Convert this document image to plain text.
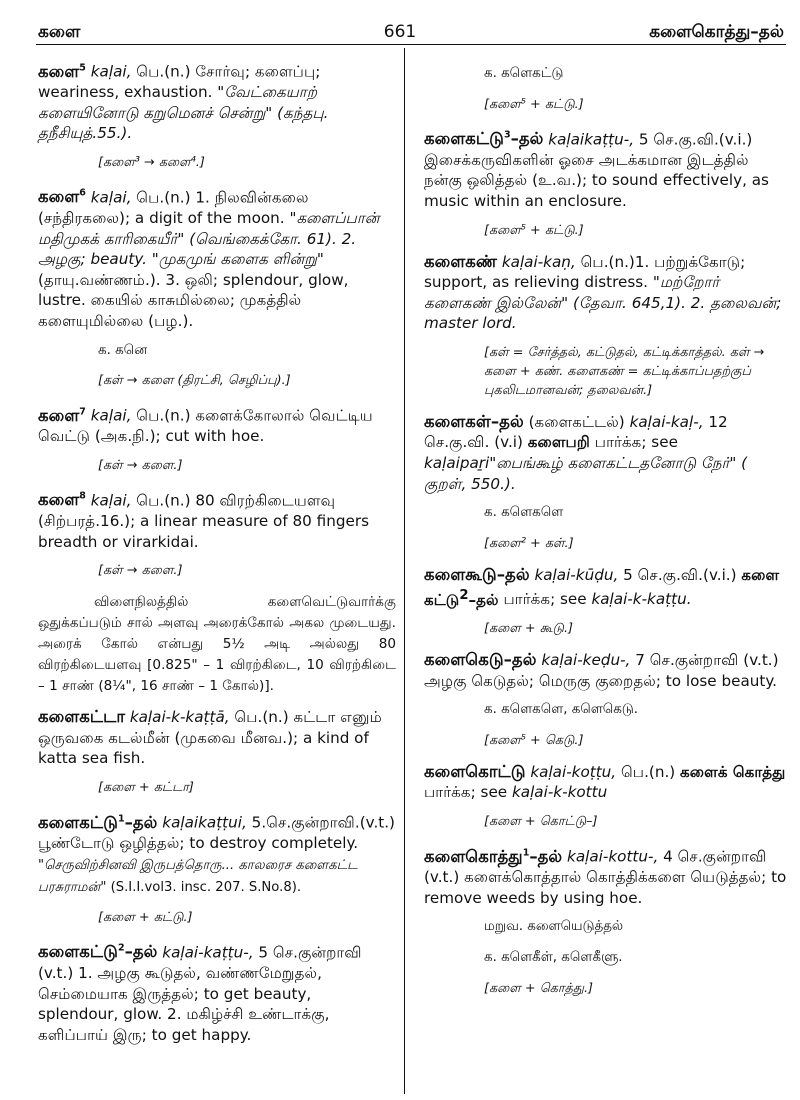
களை	661	களைகொத்து–தல்
களை$^5$ kaḷai, பெ.(n.) சோர்வு; களைப்பு; weariness, exhaustion. "வேட்கையாற் களையினோடு கறுமெனச் சென்று" (கந்தபு. தநீசியுத்.55.).
[களை³ → களை⁴.]
களை$^6$ kaḷai, பெ.(n.) 1. நிலவின்கலை (சந்திரகலை); a digit of the moon. "களைப்பான் மதிமுகக் காரிகையீர்" (வெங்கைக்கோ. 61). 2. அழகு; beauty. "முகமுங் களைக ளின்று" (தாயு.வண்ணம்.). 3. ஒலி; splendour, glow, lustre. கையில் காசுமில்லை; முகத்தில் களையுமில்லை (பழ.).
க. கனெ
[கள் → களை (திரட்சி, செழிப்பு).]
களை$^7$ kaḷai, பெ.(n.) களைக்கோலால் வெட்டிய வெட்டு (அக.நி.); cut with hoe.
[கள் → களை.]
களை$^8$ kaḷai, பெ.(n.) 80 விரற்கிடையளவு (சிற்பரத்.16.); a linear measure of 80 fingers breadth or virarkidai.
[கள் → களை.]
விளைநிலத்தில் களைவெட்டுவார்க்கு ஒதுக்கப்படும் சால் அளவு அரைக்கோல் அகல முடையது. அரைக் கோல் என்பது 5½ அடி அல்லது 80 விரற்கிடையளவு [0.825" – 1 விரற்கிடை, 10 விரற்கிடை – 1 சாண் (8¼", 16 சாண் – 1 கோல்)].
களைகட்டா kaḷai-k-kaṭṭā, பெ.(n.) கட்டா எனும் ஒருவகை கடல்மீன் (முகவை மீனவ.); a kind of katta sea fish.
[களை + கட்டா]
களைகட்டு$^1$–தல் kaḷaikaṭṭui, 5.செ.குன்றாவி.(v.t.) பூண்டோடு ஒழித்தல்; to destroy completely. "செருவிற்சினவி இருபத்தொரு... காலரைச களைகட்ட பரசுராமன்" (S.I.I.vol3. insc. 207. S.No.8).
[களை + கட்டு.]
களைகட்டு$^2$–தல் kaḷai-kaṭṭu-, 5 செ.குன்றாவி (v.t.) 1. அழகு கூடுதல், வண்ணமேறுதல், செம்மையாக இருத்தல்; to get beauty, splendour, glow. 2. மகிழ்ச்சி உண்டாக்கு, களிப்பாய் இரு; to get happy.
க. களெகட்டு
[களை⁵ + கட்டு.]
களைகட்டு$^3$–தல் kaḷaikaṭṭu-, 5 செ.கு.வி.(v.i.) இசைக்கருவிகளின் ஓசை அடக்கமான இடத்தில் நன்கு ஒலித்தல் (உ.வ.); to sound effectively, as music within an enclosure.
[களை⁵ + கட்டு.]
களைகண் kaḷai-kaṇ, பெ.(n.)1. பற்றுக்கோடு; support, as relieving distress. "மற்றோர் களைகண் இல்லேன்" (தேவா. 645,1). 2. தலைவன்; master lord.
[கள் = சேர்த்தல், கட்டுதல், கட்டிக்காத்தல். கள் → களை + கண். களைகண் = கட்டிக்காப்பதற்குப் புகலிடமானவன்; தலைவன்.]
களைகள்–தல் (களைகட்டல்) kaḷai-kaḷ-, 12 செ.கு.வி. (v.i) களைபறி பார்க்க; see kaḷaipaṟi"பைங்கூழ் களைகட்டதனோடு நேர்" ( குறள், 550.).
க. களெகளெ
[களை² + கள்.]
களைகூடு–தல் kaḷai-kūḍu, 5 செ.கு.வி.(v.i.) களை கட்டு$^2$–தல் பார்க்க; see kaḷai-k-kaṭṭu.
[களை + கூடு.]
களைகெடு–தல் kaḷai-keḍu-, 7 செ.குன்றாவி (v.t.) அழகு கெடுதல்; மெருகு குறைதல்; to lose beauty.
க. களெகளெ, களெகெடு.
[களை⁵ + கெடு.]
களைகொட்டு kaḷai-koṭṭu, பெ.(n.) களைக் கொத்து பார்க்க; see kaḷai-k-kottu
[களை + கொட்டு–]
களைகொத்து$^1$–தல் kaḷai-kottu-, 4 செ.குன்றாவி (v.t.) களைக்கொத்தால் கொத்திக்களை யெடுத்தல்; to remove weeds by using hoe.
மறுவ. களையெடுத்தல்
க. களெகீள், களெகீளு.
[களை + கொத்து.]
